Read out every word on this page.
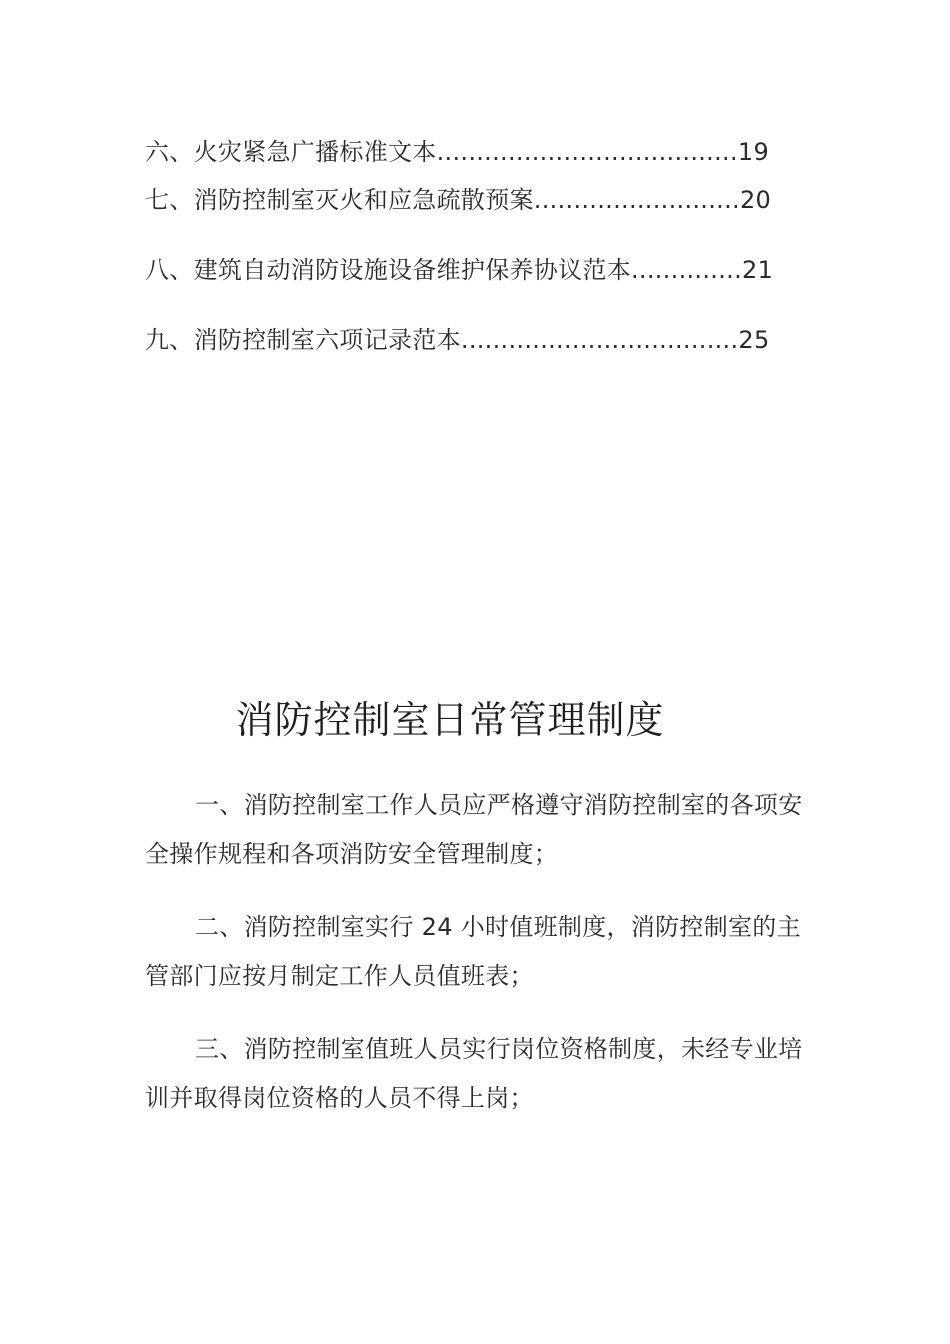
六、火灾紧急广播标准文本......................................19 七、消防控制室灭火和应急疏散预案..........................20
八、建筑自动消防设施设备维护保养协议范本..............21
九、消防控制室六项记录范本...................................25
消防控制室日常管理制度

一、消防控制室工作人员应严格遵守消防控制室的各项安全操作规程和各项消防安全管理制度；

二、消防控制室实行 24 小时值班制度，消防控制室的主管部门应按月制定工作人员值班表；

三、消防控制室值班人员实行岗位资格制度，未经专业培训并取得岗位资格的人员不得上岗；
